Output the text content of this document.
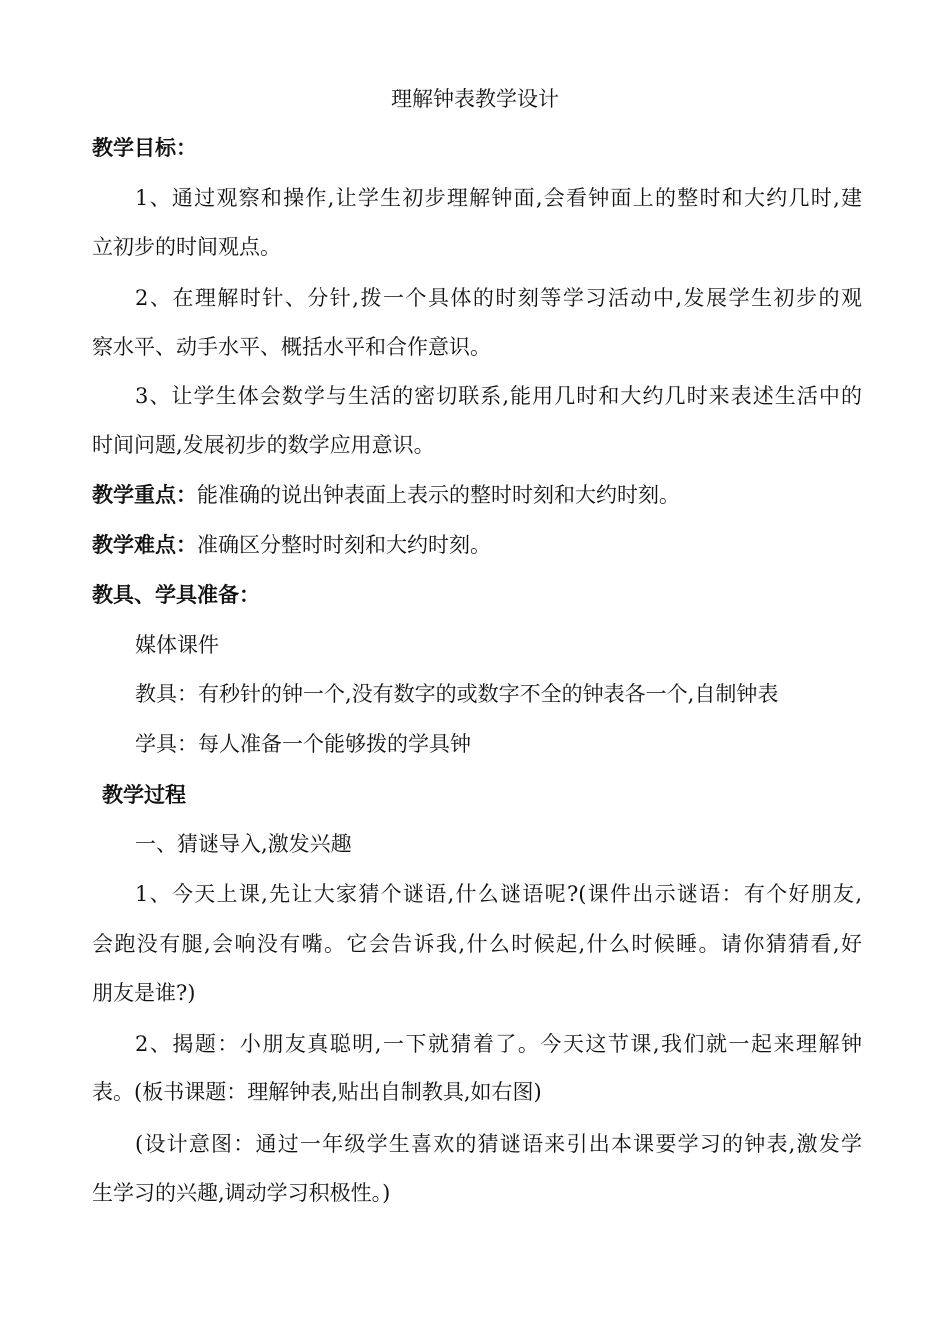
理解钟表教学设计
教学目标：
1、通过观察和操作,让学生初步理解钟面,会看钟面上的整时和大约几时,建
立初步的时间观点。
2、在理解时针、分针,拨一个具体的时刻等学习活动中,发展学生初步的观
察水平、动手水平、概括水平和合作意识。
3、让学生体会数学与生活的密切联系,能用几时和大约几时来表述生活中的
时间问题,发展初步的数学应用意识。
教学重点：能准确的说出钟表面上表示的整时时刻和大约时刻。
教学难点：准确区分整时时刻和大约时刻。
教具、学具准备：
媒体课件
教具：有秒针的钟一个,没有数字的或数字不全的钟表各一个,自制钟表
学具：每人准备一个能够拨的学具钟
教学过程
一、猜谜导入,激发兴趣
1、今天上课,先让大家猜个谜语,什么谜语呢?(课件出示谜语：有个好朋友,
会跑没有腿,会响没有嘴。它会告诉我,什么时候起,什么时候睡。请你猜猜看,好
朋友是谁?)
2、揭题：小朋友真聪明,一下就猜着了。今天这节课,我们就一起来理解钟
表。(板书课题：理解钟表,贴出自制教具,如右图)
(设计意图：通过一年级学生喜欢的猜谜语来引出本课要学习的钟表,激发学
生学习的兴趣,调动学习积极性。)
